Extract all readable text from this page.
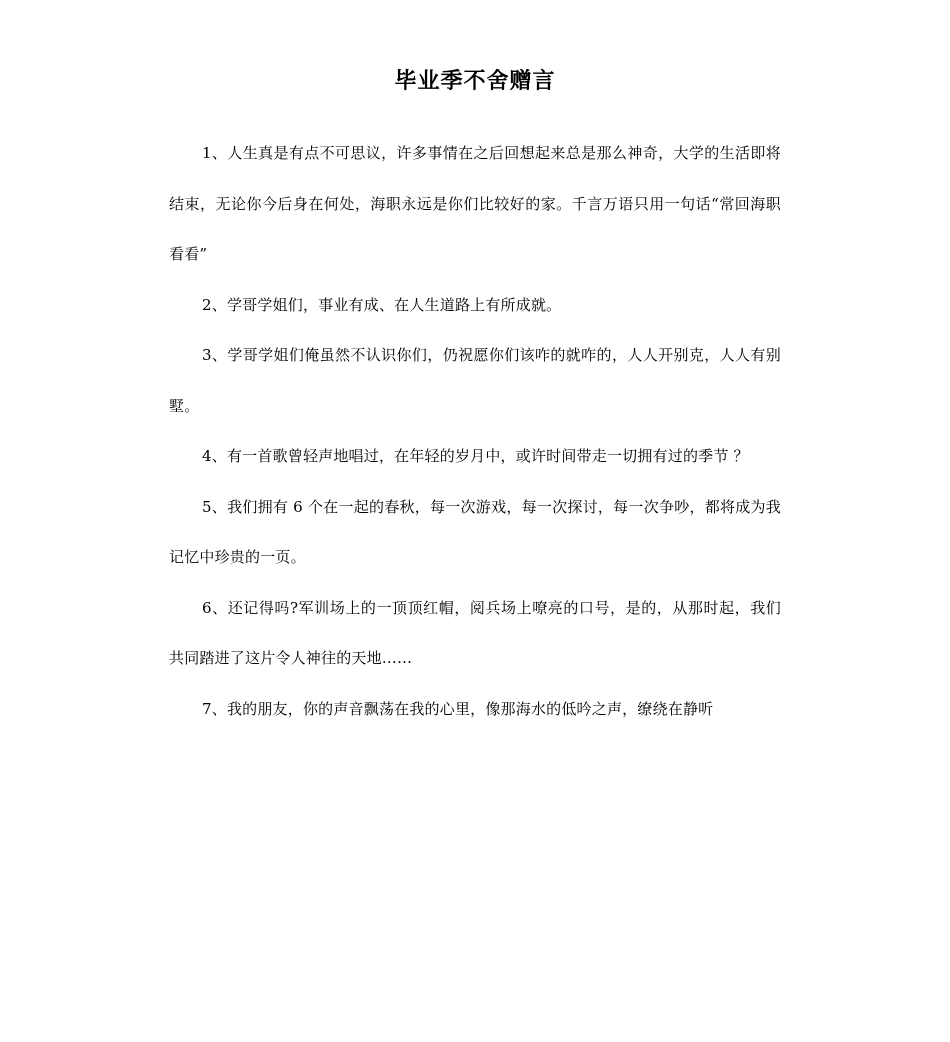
毕业季不舍赠言

1、人生真是有点不可思议，许多事情在之后回想起来总是那么神奇，大学的生活即将结束，无论你今后身在何处，海职永远是你们比较好的家。千言万语只用一句话“常回海职看看”

2、学哥学姐们，事业有成、在人生道路上有所成就。

3、学哥学姐们俺虽然不认识你们，仍祝愿你们该咋的就咋的，人人开别克，人人有别墅。

4、有一首歌曾轻声地唱过，在年轻的岁月中，或许时间带走一切拥有过的季节 ？

5、我们拥有 6 个在一起的春秋，每一次游戏，每一次探讨，每一次争吵，都将成为我记忆中珍贵的一页。

6、还记得吗?军训场上的一顶顶红帽，阅兵场上嘹亮的口号，是的，从那时起，我们共同踏进了这片令人神往的天地……

7、我的朋友，你的声音飘荡在我的心里，像那海水的低吟之声，缭绕在静听
